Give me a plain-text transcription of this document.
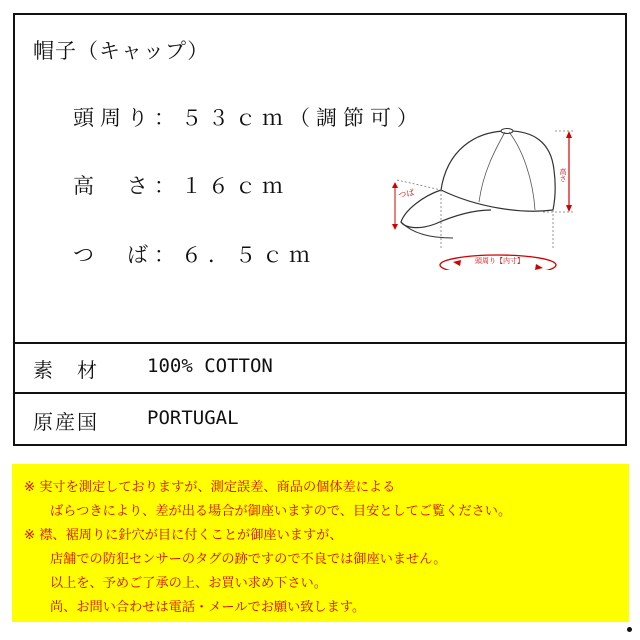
帽子（キャップ）
頭周り：５３ｃｍ（調節可）
高　さ：１６ｃｍ
つ　ば：６．５ｃｍ
高さ
つば
頭周り【内寸】
素　材	100% COTTON
原産国	PORTUGAL
※ 実寸を測定しておりますが、測定誤差、商品の個体差による
ばらつきにより、差が出る場合が御座いますので、目安としてご覧ください。
※ 襟、裾周りに針穴が目に付くことが御座いますが、
店舗での防犯センサーのタグの跡ですので不良では御座いません。
以上を、予めご了承の上、お買い求め下さい。
尚、お問い合わせは電話・メールでお願い致します。
